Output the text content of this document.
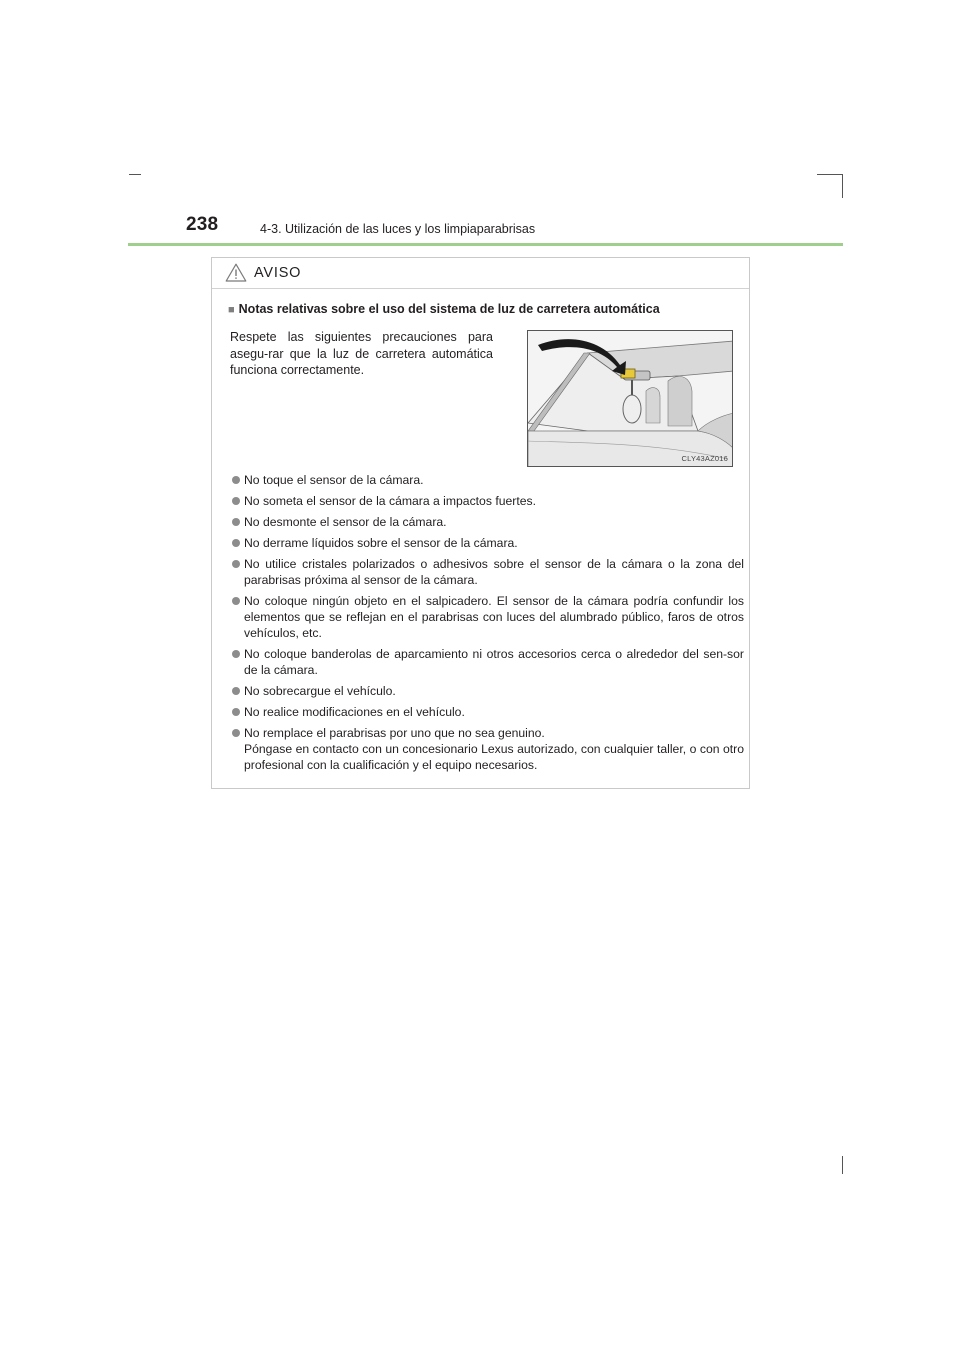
238	4-3. Utilización de las luces y los limpiaparabrisas
AVISO
■ Notas relativas sobre el uso del sistema de luz de carretera automática
Respete las siguientes precauciones para asegu-rar que la luz de carretera automática funciona correctamente.
CLY43AZ016
No toque el sensor de la cámara.
No someta el sensor de la cámara a impactos fuertes.
No desmonte el sensor de la cámara.
No derrame líquidos sobre el sensor de la cámara.
No utilice cristales polarizados o adhesivos sobre el sensor de la cámara o la zona del parabrisas próxima al sensor de la cámara.
No coloque ningún objeto en el salpicadero. El sensor de la cámara podría confundir los elementos que se reflejan en el parabrisas con luces del alumbrado público, faros de otros vehículos, etc.
No coloque banderolas de aparcamiento ni otros accesorios cerca o alrededor del sen-sor de la cámara.
No sobrecargue el vehículo.
No realice modificaciones en el vehículo.
No remplace el parabrisas por uno que no sea genuino.
Póngase en contacto con un concesionario Lexus autorizado, con cualquier taller, o con otro profesional con la cualificación y el equipo necesarios.
